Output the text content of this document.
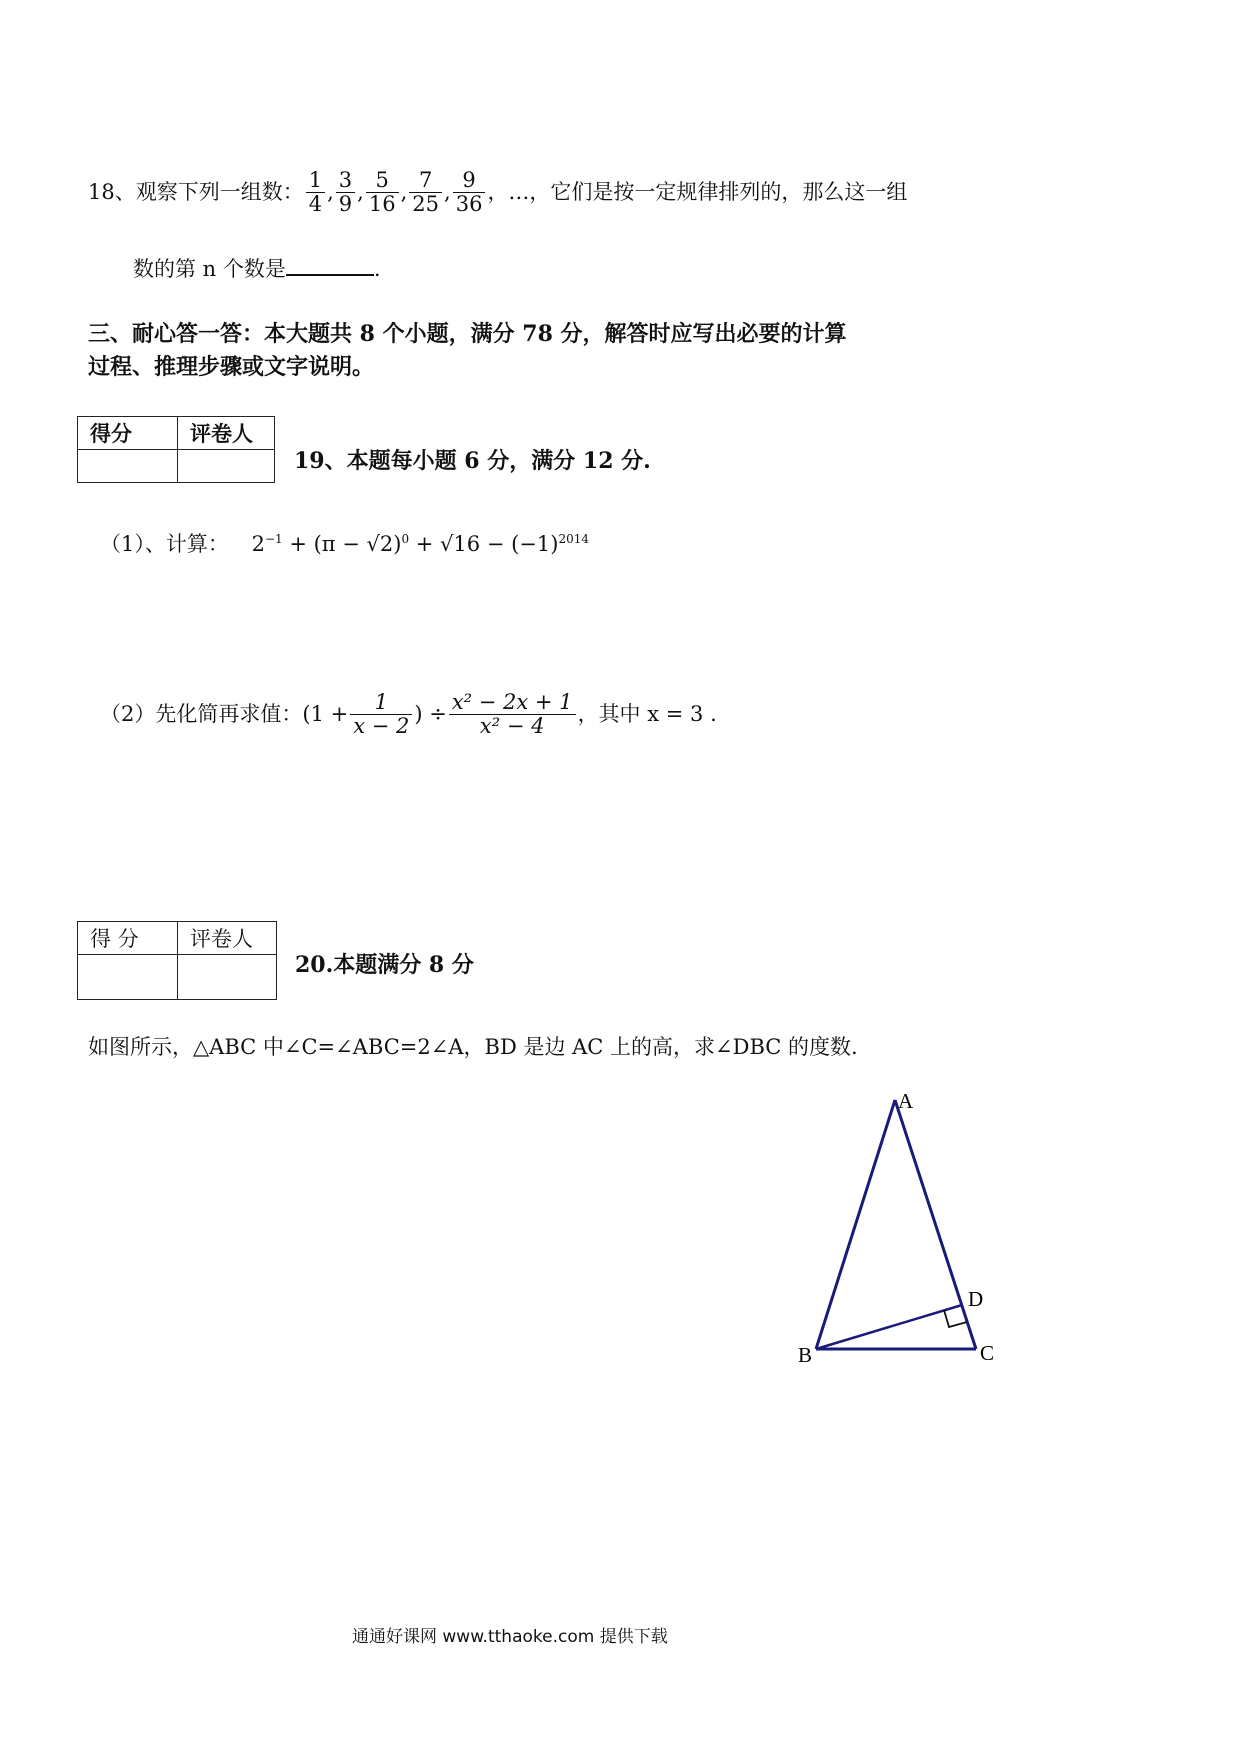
18、观察下列一组数： $\frac{1}{4}$ , $\frac{3}{9}$ , $\frac{5}{16}$ , $\frac{7}{25}$ , $\frac{9}{36}$ ，…，它们是按一定规律排列的，那么这一组
数的第 n 个数是	.
三、耐心答一答：本大题共 8 个小题，满分 78 分，解答时应写出必要的计算
过程、推理步骤或文字说明。
得分	评卷人

19、本题每小题 6 分，满分 12 分.
（1）、计算： $2^{-1} + (\pi - √2)^0 + √16 - (-1)^{2014}$
（2）先化简再求值：($1 + \frac{1}{x - 2}$ ) ÷ $\frac{\text{x² − 2x + 1}}{\text{x² − 4}}$ ，其中 x = 3 .
得 分	评卷人

20.本题满分 8 分
如图所示，△ABC 中∠C=∠ABC=2∠A，BD 是边 AC 上的高，求∠DBC 的度数.
A
B	C
D
通通好课网 www.tthaoke.com 提供下载
